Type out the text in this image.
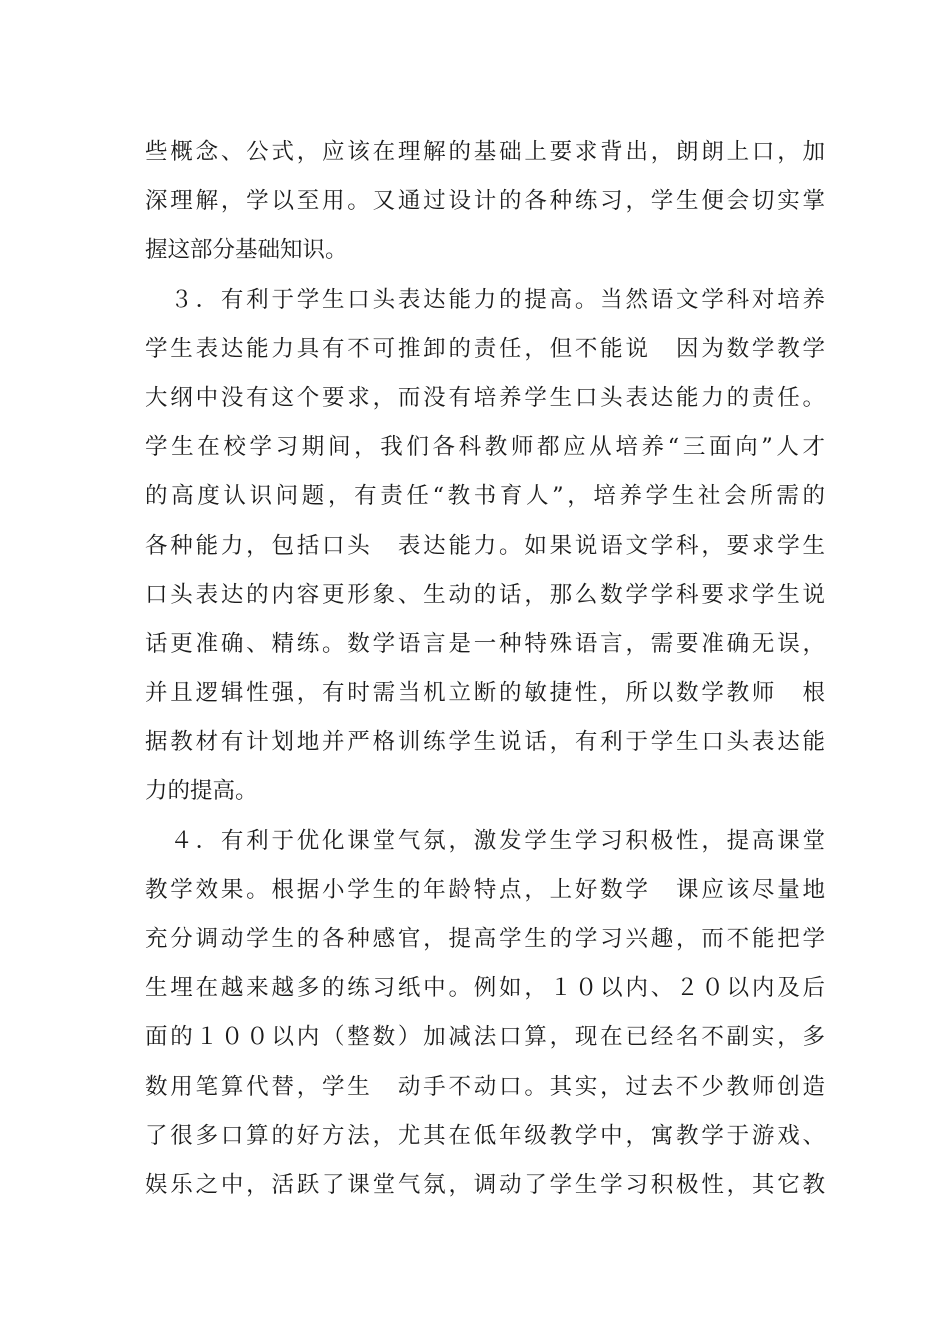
些概念、公式，应该在理解的基础上要求背出，朗朗上口，加
深理解，学以至用。又通过设计的各种练习，学生便会切实掌
握这部分基础知识。
　３．有利于学生口头表达能力的提高。当然语文学科对培养
学生表达能力具有不可推卸的责任，但不能说　因为数学教学
大纲中没有这个要求，而没有培养学生口头表达能力的责任。
学生在校学习期间，我们各科教师都应从培养“三面向”人才
的高度认识问题，有责任“教书育人”，培养学生社会所需的
各种能力，包括口头　表达能力。如果说语文学科，要求学生
口头表达的内容更形象、生动的话，那么数学学科要求学生说
话更准确、精练。数学语言是一种特殊语言，需要准确无误，
并且逻辑性强，有时需当机立断的敏捷性，所以数学教师　根
据教材有计划地并严格训练学生说话，有利于学生口头表达能
力的提高。
　４．有利于优化课堂气氛，激发学生学习积极性，提高课堂
教学效果。根据小学生的年龄特点，上好数学　课应该尽量地
充分调动学生的各种感官，提高学生的学习兴趣，而不能把学
生埋在越来越多的练习纸中。例如，１０以内、２０以内及后
面的１００以内（整数）加减法口算，现在已经名不副实，多
数用笔算代替，学生　动手不动口。其实，过去不少教师创造
了很多口算的好方法，尤其在低年级教学中，寓教学于游戏、
娱乐之中，活跃了课堂气氛，调动了学生学习积极性，其它教
